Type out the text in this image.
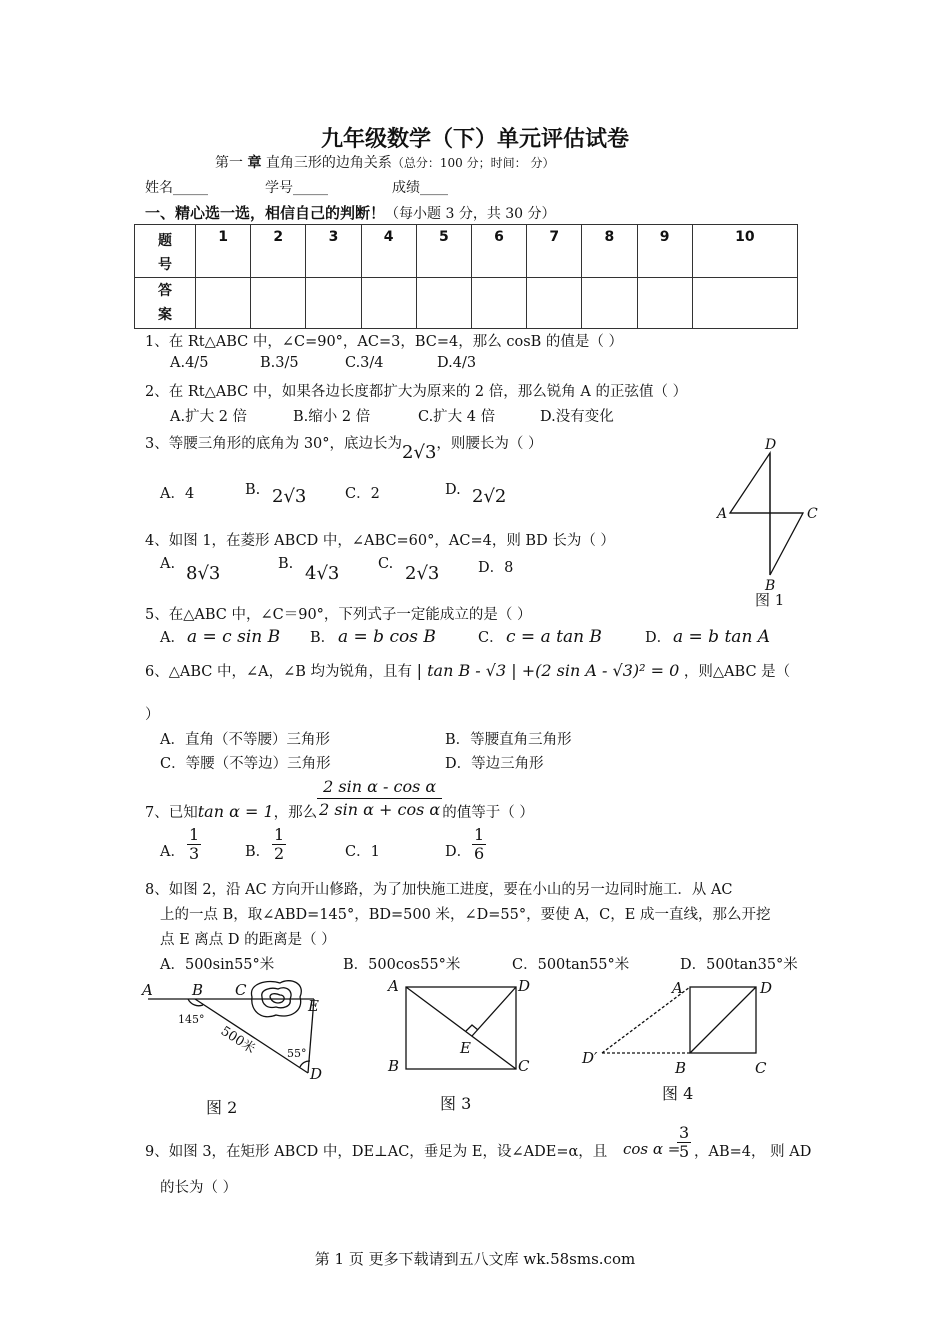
九年级数学（下）单元评估试卷
第一 章 直角三形的边角关系（总分：100 分；时间： 分）
姓名_____	学号_____	成绩____
一、精心选一选，相信自己的判断！（每小题 3 分，共 30 分）
题
号	1	2	3	4	5	6	7	8	9	10
答
案										
1、在 Rt△ABC 中，∠C=90°，AC=3，BC=4，那么 cosB 的值是（ ）
A.4/5	B.3/5	C.3/4	D.4/3
2、在 Rt△ABC 中，如果各边长度都扩大为原来的 2 倍，那么锐角 A 的正弦值（ ）
A.扩大 2 倍	B.缩小 2 倍	C.扩大 4 倍	D.没有变化
3、等腰三角形的底角为 30°，底边长为2√3，则腰长为（ ）
A．4	B. 2√3	C．2	D. 2√2
4、如图 1，在菱形 ABCD 中，∠ABC=60°，AC=4，则 BD 长为（ ）
A. 8√3	B. 4√3	C. 2√3	D．8
5、在△ABC 中，∠C＝90°，下列式子一定能成立的是（ ）
A． a = c sin B B． a = b cos B	C． c = a tan B	D． a = b tan A
6、△ABC 中，∠A，∠B 均为锐角，且有 | tan B - √3 | +(2 sin A - √3)² = 0 ，则△ABC 是（
）
A．直角（不等腰）三角形	B．等腰直角三角形
C．等腰（不等边）三角形	D．等边三角形
7、已知tan α = 1，那么 $\frac{\text{2 sin α - cos α}}{\text{2 sin α + cos α}}$ 的值等于（ ）
A． $\frac{1}{3}$	B． $\frac{1}{2}$	C．1	D． $\frac{1}{6}$
8、如图 2，沿 AC 方向开山修路，为了加快施工进度，要在小山的另一边同时施工．从 AC
上的一点 B，取∠ABD=145°，BD=500 米，∠D=55°，要使 A，C，E 成一直线，那么开挖
点 E 离点 D 的距离是（ ）
A．500sin55°米	B．500cos55°米	C．500tan55°米	D．500tan35°米
9、如图 3，在矩形 ABCD 中，DE⊥AC，垂足为 E，设∠ADE=α，且 cos α =
$\frac{3}{5}$ ，AB=4， 则 AD
的长为（ ）
D
A	C
B
图 1
A	B C
E
D
145°
55°
500米
图 2
A	D
B	C
E
图 3
A	D
D′
B	C
图 4
第 1 页 更多下载请到五八文库 wk.58sms.com
